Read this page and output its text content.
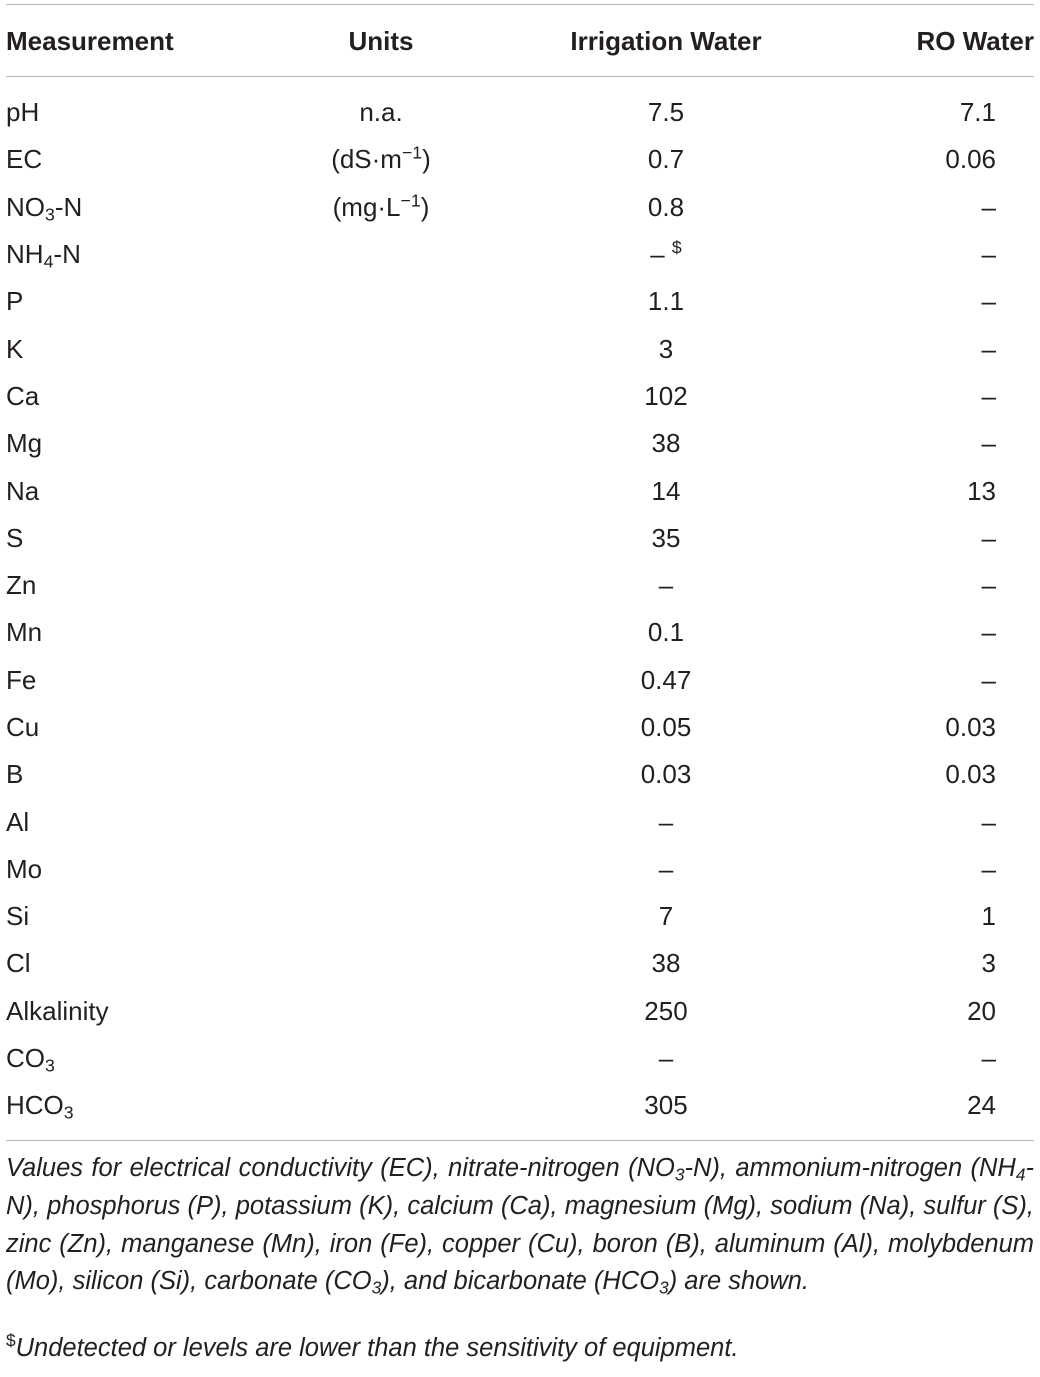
Measurement	Units	Irrigation Water	RO Water

pH	n.a.	7.5	7.1
EC	$(dS\cdot m^{-1})$	0.7	0.06
$NO_3-N$	$(mg\cdot L^{-1})$	0.8	–
$NH_4-N$		– $	–
P		1.1	–
K		3	–
Ca		102	–
Mg		38	–
Na		14	13
S		35	–
Zn		–	–
Mn		0.1	–
Fe		0.47	–
Cu		0.05	0.03
B		0.03	0.03
Al		–	–
Mo		–	–
Si		7	1
Cl		38	3
Alkalinity		250	20
$CO_3$		–	–
$HCO_3$		305	24

Values for electrical conductivity (EC), nitrate-nitrogen $(NO_3-N)$, ammonium-nitrogen $(NH_4-N)$, phosphorus (P), potassium (K), calcium (Ca), magnesium (Mg), sodium (Na), sulfur (S), zinc (Zn), manganese (Mn), iron (Fe), copper (Cu), boron (B), aluminum (Al), molybdenum (Mo), silicon (Si), carbonate $(CO_3)$, and bicarbonate $(HCO_3)$ are shown.

$Undetected or levels are lower than the sensitivity of equipment.
